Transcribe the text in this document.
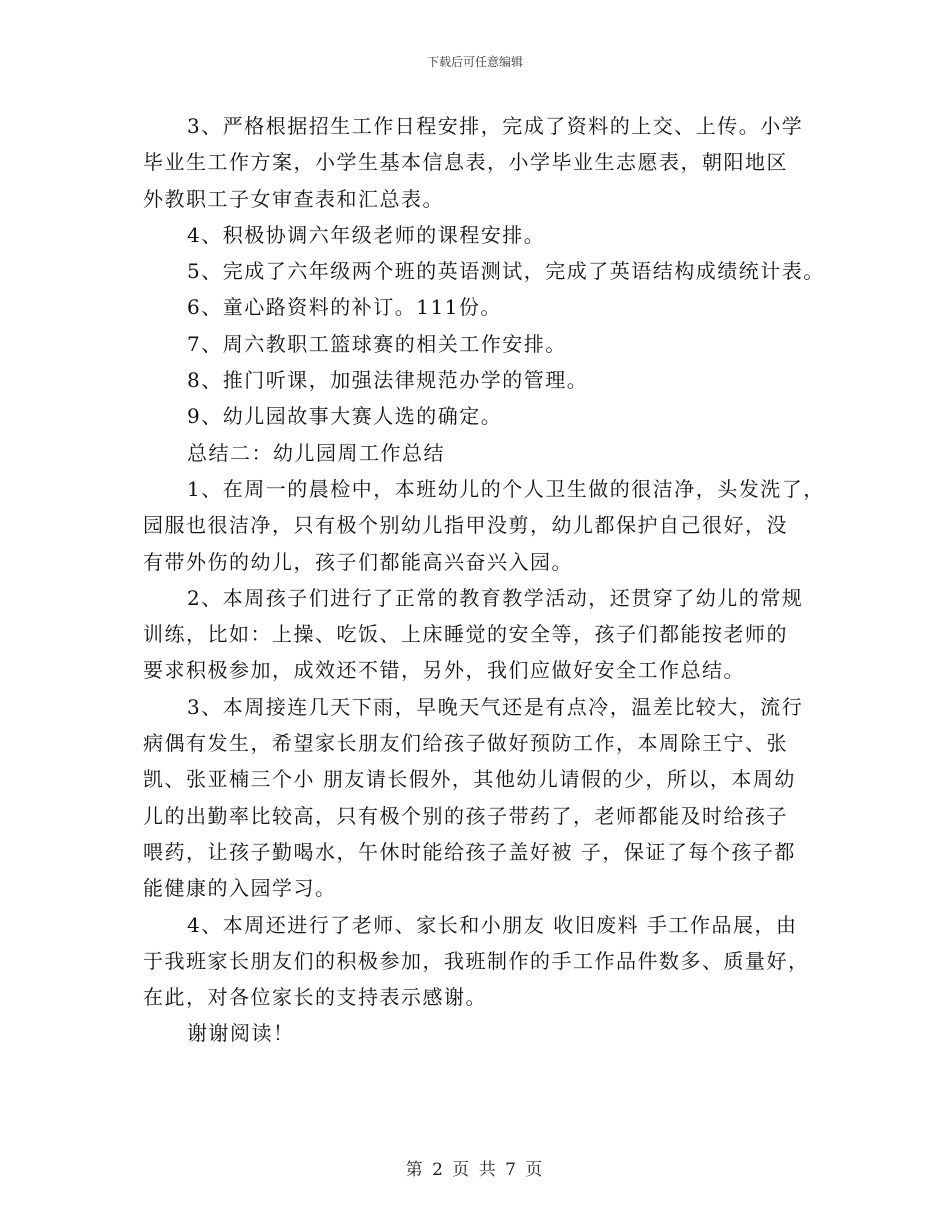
下载后可任意编辑
3、严格根据招生工作日程安排，完成了资料的上交、上传。小学
毕业生工作方案，小学生基本信息表，小学毕业生志愿表，朝阳地区
外教职工子女审查表和汇总表。
4、积极协调六年级老师的课程安排。
5、完成了六年级两个班的英语测试，完成了英语结构成绩统计表。
6、童心路资料的补订。111份。
7、周六教职工篮球赛的相关工作安排。
8、推门听课，加强法律规范办学的管理。
9、幼儿园故事大赛人选的确定。
总结二：幼儿园周工作总结
1、在周一的晨检中，本班幼儿的个人卫生做的很洁净，头发洗了，
园服也很洁净，只有极个别幼儿指甲没剪，幼儿都保护自己很好，没
有带外伤的幼儿，孩子们都能高兴奋兴入园。
2、本周孩子们进行了正常的教育教学活动，还贯穿了幼儿的常规
训练，比如：上操、吃饭、上床睡觉的安全等，孩子们都能按老师的
要求积极参加，成效还不错，另外，我们应做好安全工作总结。
3、本周接连几天下雨，早晚天气还是有点冷，温差比较大，流行
病偶有发生，希望家长朋友们给孩子做好预防工作，本周除王宁、张
凯、张亚楠三个小 朋友请长假外，其他幼儿请假的少，所以，本周幼
儿的出勤率比较高，只有极个别的孩子带药了，老师都能及时给孩子
喂药，让孩子勤喝水，午休时能给孩子盖好被 子，保证了每个孩子都
能健康的入园学习。
4、本周还进行了老师、家长和小朋友 收旧废料 手工作品展，由
于我班家长朋友们的积极参加，我班制作的手工作品件数多、质量好，
在此，对各位家长的支持表示感谢。
谢谢阅读！
第 2 页 共 7 页
